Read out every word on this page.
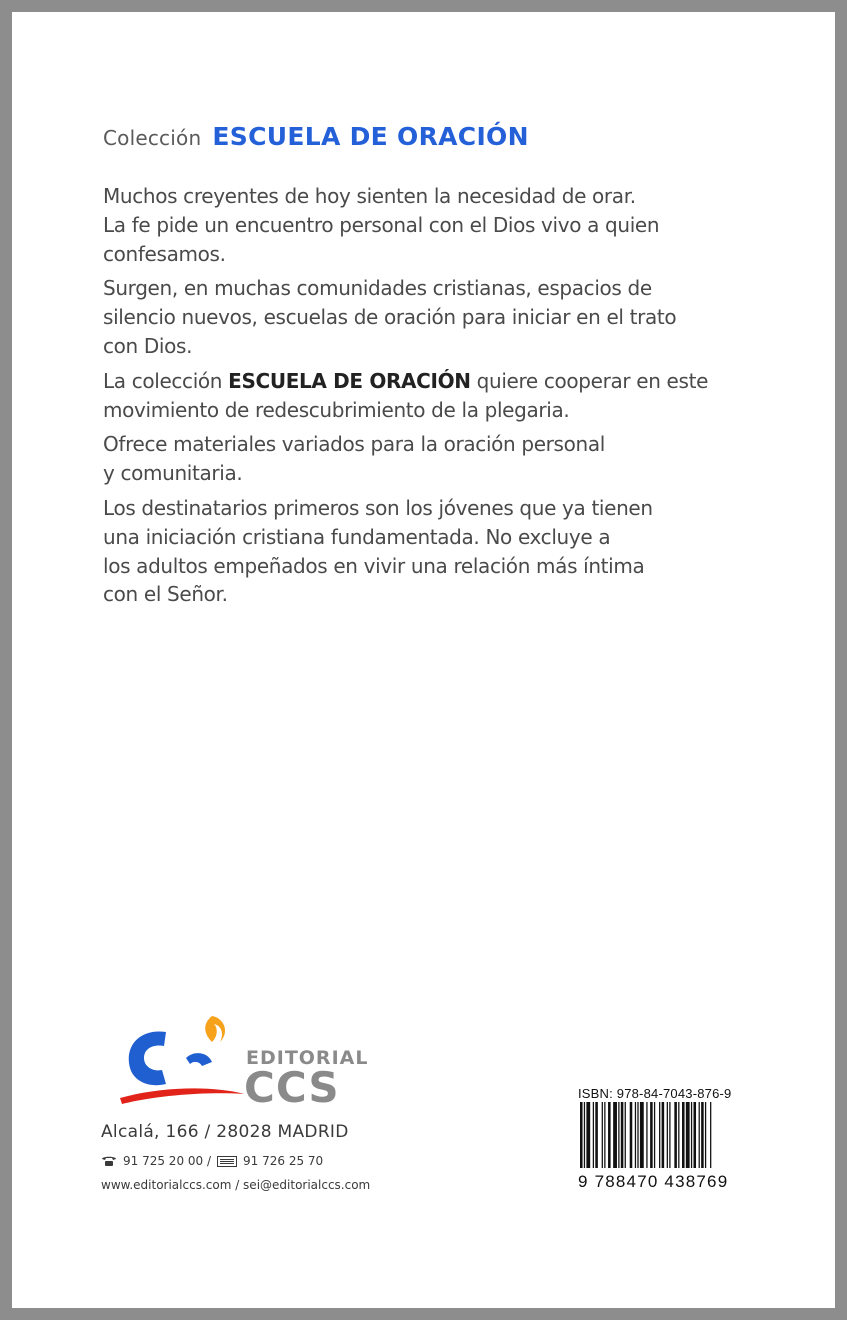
Colección ESCUELA DE ORACIÓN

Muchos creyentes de hoy sienten la necesidad de orar.
La fe pide un encuentro personal con el Dios vivo a quien
confesamos.

Surgen, en muchas comunidades cristianas, espacios de
silencio nuevos, escuelas de oración para iniciar en el trato
con Dios.

La colección ESCUELA DE ORACIÓN quiere cooperar en este
movimiento de redescubrimiento de la plegaria.

Ofrece materiales variados para la oración personal
y comunitaria.

Los destinatarios primeros son los jóvenes que ya tienen
una iniciación cristiana fundamentada. No excluye a
los adultos empeñados en vivir una relación más íntima
con el Señor.

EDITORIAL
CCS
Alcalá, 166 / 28028 MADRID
91 725 20 00 /	91 726 25 70
www.editorialccs.com / sei@editorialccs.com
ISBN: 978-84-7043-876-9
9 788470 438769
